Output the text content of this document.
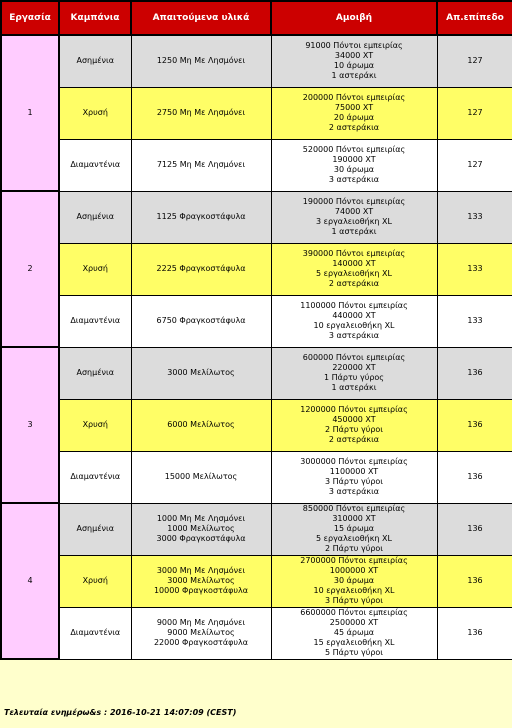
Εργασία	Καμπάνια	Απαιτούμενα υλικά	Αμοιβή	Απ.επίπεδο
1	Ασημένια	1250 Μη Με Λησμόνει	91000 Πόντοι εμπειρίας
34000 XT
10 άρωμα
1 αστεράκι	127
	Χρυσή	2750 Μη Με Λησμόνει	200000 Πόντοι εμπειρίας
75000 XT
20 άρωμα
2 αστεράκια	127
	Διαμαντένια	7125 Μη Με Λησμόνει	520000 Πόντοι εμπειρίας
190000 XT
30 άρωμα
3 αστεράκια	127
2	Ασημένια	1125 Φραγκοστάφυλα	190000 Πόντοι εμπειρίας
74000 XT
3 εργαλειοθήκη XL
1 αστεράκι	133
	Χρυσή	2225 Φραγκοστάφυλα	390000 Πόντοι εμπειρίας
140000 XT
5 εργαλειοθήκη XL
2 αστεράκια	133
	Διαμαντένια	6750 Φραγκοστάφυλα	1100000 Πόντοι εμπειρίας
440000 XT
10 εργαλειοθήκη XL
3 αστεράκια	133
3	Ασημένια	3000 Μελίλωτος	600000 Πόντοι εμπειρίας
220000 XT
1 Πάρτυ γύρος
1 αστεράκι	136
	Χρυσή	6000 Μελίλωτος	1200000 Πόντοι εμπειρίας
450000 XT
2 Πάρτυ γύροι
2 αστεράκια	136
	Διαμαντένια	15000 Μελίλωτος	3000000 Πόντοι εμπειρίας
1100000 XT
3 Πάρτυ γύροι
3 αστεράκια	136
4	Ασημένια	1000 Μη Με Λησμόνει
1000 Μελίλωτος
3000 Φραγκοστάφυλα	850000 Πόντοι εμπειρίας
310000 XT
15 άρωμα
5 εργαλειοθήκη XL
2 Πάρτυ γύροι	136
	Χρυσή	3000 Μη Με Λησμόνει
3000 Μελίλωτος
10000 Φραγκοστάφυλα	2700000 Πόντοι εμπειρίας
1000000 XT
30 άρωμα
10 εργαλειοθήκη XL
3 Πάρτυ γύροι	136
	Διαμαντένια	9000 Μη Με Λησμόνει
9000 Μελίλωτος
22000 Φραγκοστάφυλα	6600000 Πόντοι εμπειρίας
2500000 XT
45 άρωμα
15 εργαλειοθήκη XL
5 Πάρτυ γύροι	136
Τελευταία ενημέρω&s : 2016-10-21 14:07:09 (CEST)
